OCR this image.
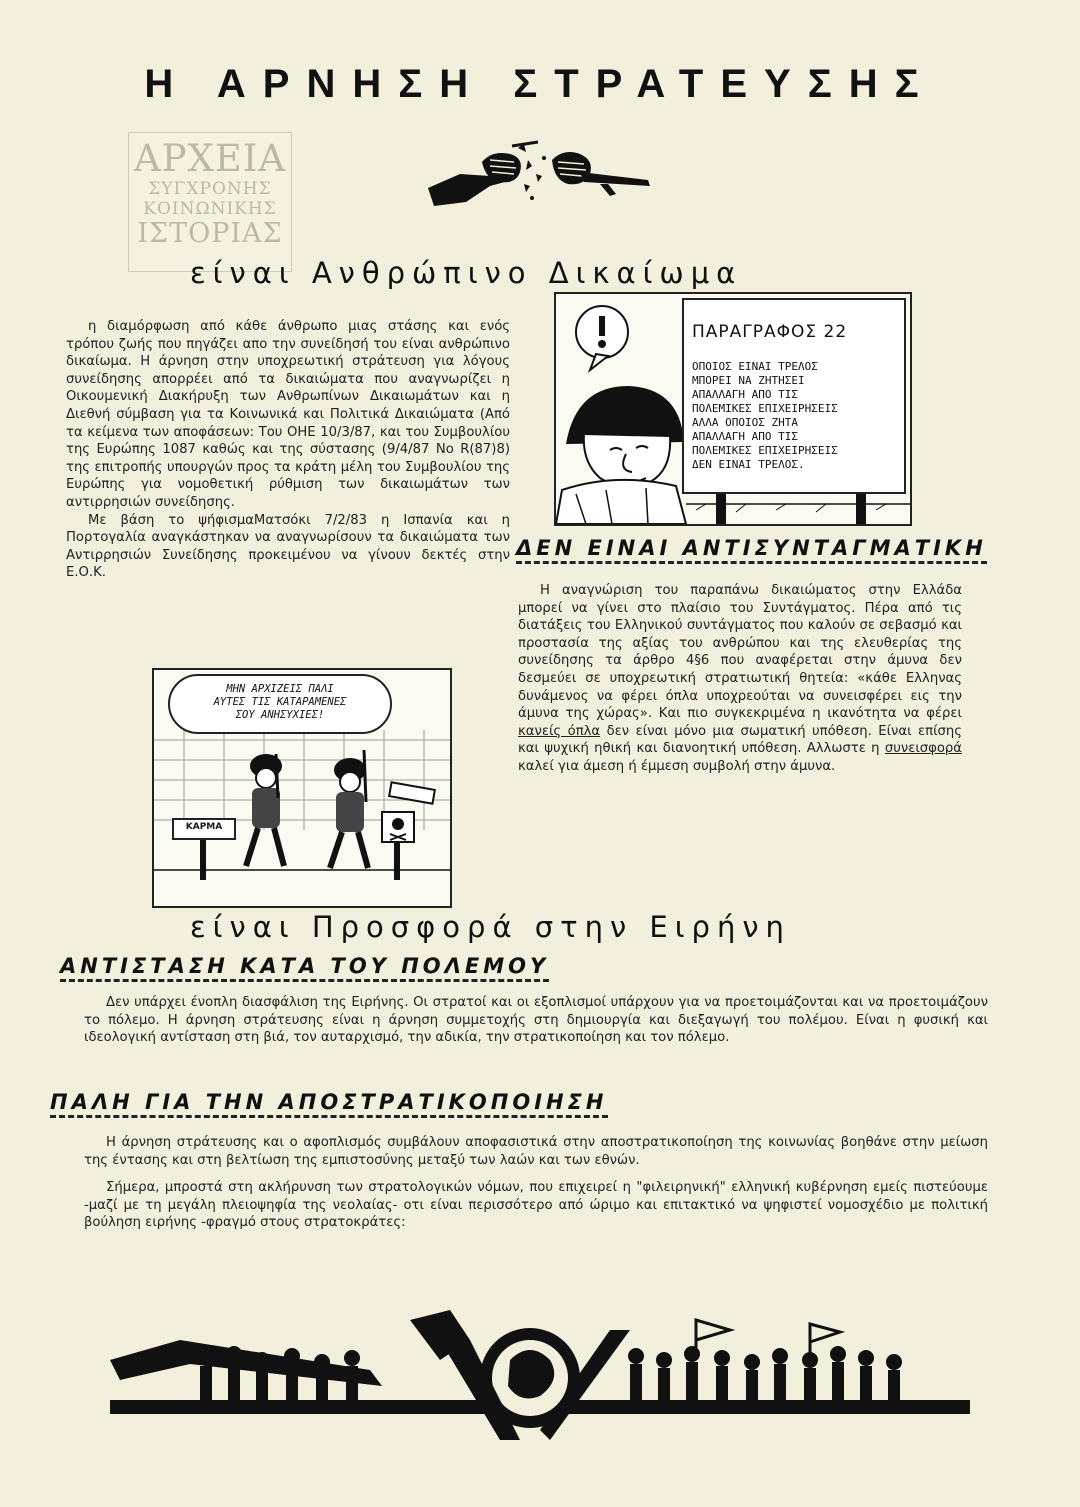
Η ΑΡΝΗΣΗ ΣΤΡΑΤΕΥΣΗΣ
ΑΡΧΕΙΑ
ΣΥΓΧΡΟΝΗΣ
ΚΟΙΝΩΝΙΚΗΣ
ΙΣΤΟΡΙΑΣ
είναι Ανθρώπινο Δικαίωμα

η διαμόρφωση από κάθε άνθρωπο μιας στάσης και ενός τρόπου ζωής που πηγάζει απο την συνείδησή του είναι ανθρώπινο δικαίωμα. Η άρνηση στην υποχρεωτική στράτευση για λόγους συνείδησης απορρέει από τα δικαιώματα που αναγνωρίζει η Οικουμενική Διακήρυξη των Ανθρωπίνων Δικαιωμάτων και η Διεθνή σύμβαση για τα Κοινωνικά και Πολιτικά Δικαιώματα (Από τα κείμενα των αποφάσεων: Του ΟΗΕ 10/3/87, και του Συμβουλίου της Ευρώπης 1087 καθώς και της σύστασης (9/4/87 No R(87)8) της επιτροπής υπουργών προς τα κράτη μέλη του Συμβουλίου της Ευρώπης για νομοθετική ρύθμιση των δικαιωμάτων των αντιρρησιών συνείδησης.

Με βάση το ψήφισμαΜατσόκι 7/2/83 η Ισπανία και η Πορτογαλία αναγκάστηκαν να αναγνωρίσουν τα δικαιώματα των Αντιρρησιών Συνείδησης προκειμένου να γίνουν δεκτές στην Ε.Ο.Κ.

ΠΑΡΑΓΡΑΦΟΣ 22

ΟΠΟΙΟΣ ΕΙΝΑΙ ΤΡΕΛΟΣ
ΜΠΟΡΕΙ ΝΑ ΖΗΤΗΣΕΙ
ΑΠΑΛΛΑΓΗ ΑΠΟ ΤΙΣ
ΠΟΛΕΜΙΚΕΣ ΕΠΙΧΕΙΡΗΣΕΙΣ
ΑΛΛΑ ΟΠΟΙΟΣ ΖΗΤΑ
ΑΠΑΛΛΑΓΗ ΑΠΟ ΤΙΣ
ΠΟΛΕΜΙΚΕΣ ΕΠΙΧΕΙΡΗΣΕΙΣ
ΔΕΝ ΕΙΝΑΙ ΤΡΕΛΟΣ.

ΔΕΝ ΕΙΝΑΙ ΑΝΤΙΣΥΝΤΑΓΜΑΤΙΚΗ

Η αναγνώριση του παραπάνω δικαιώματος στην Ελλάδα μπορεί να γίνει στο πλαίσιο του Συντάγματος. Πέρα από τις διατάξεις του Ελληνικού συντάγματος που καλούν σε σεβασμό και προστασία της αξίας του ανθρώπου και της ελευθερίας της συνείδησης τα άρθρο 4§6 που αναφέρεται στην άμυνα δεν δεσμεύει σε υποχρεωτική στρατιωτική θητεία: «κάθε Ελληνας δυνάμενος να φέρει όπλα υποχρεούται να συνεισφέρει εις την άμυνα της χώρας». Και πιο συγκεκριμένα η ικανότητα να φέρει κανείς όπλα δεν είναι μόνο μια σωματική υπόθεση. Είναι επίσης και ψυχική ηθική και διανοητική υπόθεση. Αλλωστε η συνεισφορά καλεί για άμεση ή έμμεση συμβολή στην άμυνα.

ΜΗΝ ΑΡΧΙΖΕΙΣ ΠΑΛΙ
ΑΥΤΕΣ ΤΙΣ ΚΑΤΑΡΑΜΕΝΕΣ
ΣΟΥ ΑΝΗΣΥΧΙΕΣ!
ΚΑΡΜΑ
είναι Προσφορά στην Ειρήνη
ΑΝΤΙΣΤΑΣΗ ΚΑΤΑ ΤΟΥ ΠΟΛΕΜΟΥ

Δεν υπάρχει ένοπλη διασφάλιση της Ειρήνης. Οι στρατοί και οι εξοπλισμοί υπάρχουν για να προετοιμάζονται και να προετοιμάζουν το πόλεμο. Η άρνηση στράτευσης είναι η άρνηση συμμετοχής στη δημιουργία και διεξαγωγή του πολέμου. Είναι η φυσική και ιδεολογική αντίσταση στη βιά, τον αυταρχισμό, την αδικία, την στρατικοποίηση και τον πόλεμο.

ΠΑΛΗ ΓΙΑ ΤΗΝ ΑΠΟΣΤΡΑΤΙΚΟΠΟΙΗΣΗ

Η άρνηση στράτευσης και ο αφοπλισμός συμβάλουν αποφασιστικά στην αποστρατικοποίηση της κοινωνίας βοηθάνε στην μείωση της έντασης και στη βελτίωση της εμπιστοσύνης μεταξύ των λαών και των εθνών.

Σήμερα, μπροστά στη ακλήρυνση των στρατολογικών νόμων, που επιχειρεί η "φιλειρηνική" ελληνική κυβέρνηση εμείς πιστεύουμε -μαζί με τη μεγάλη πλειοψηφία της νεολαίας- οτι είναι περισσότερο από ώριμο και επιτακτικό να ψηφιστεί νομοσχέδιο με πολιτική βούληση ειρήνης -φραγμό στους στρατοκράτες:
